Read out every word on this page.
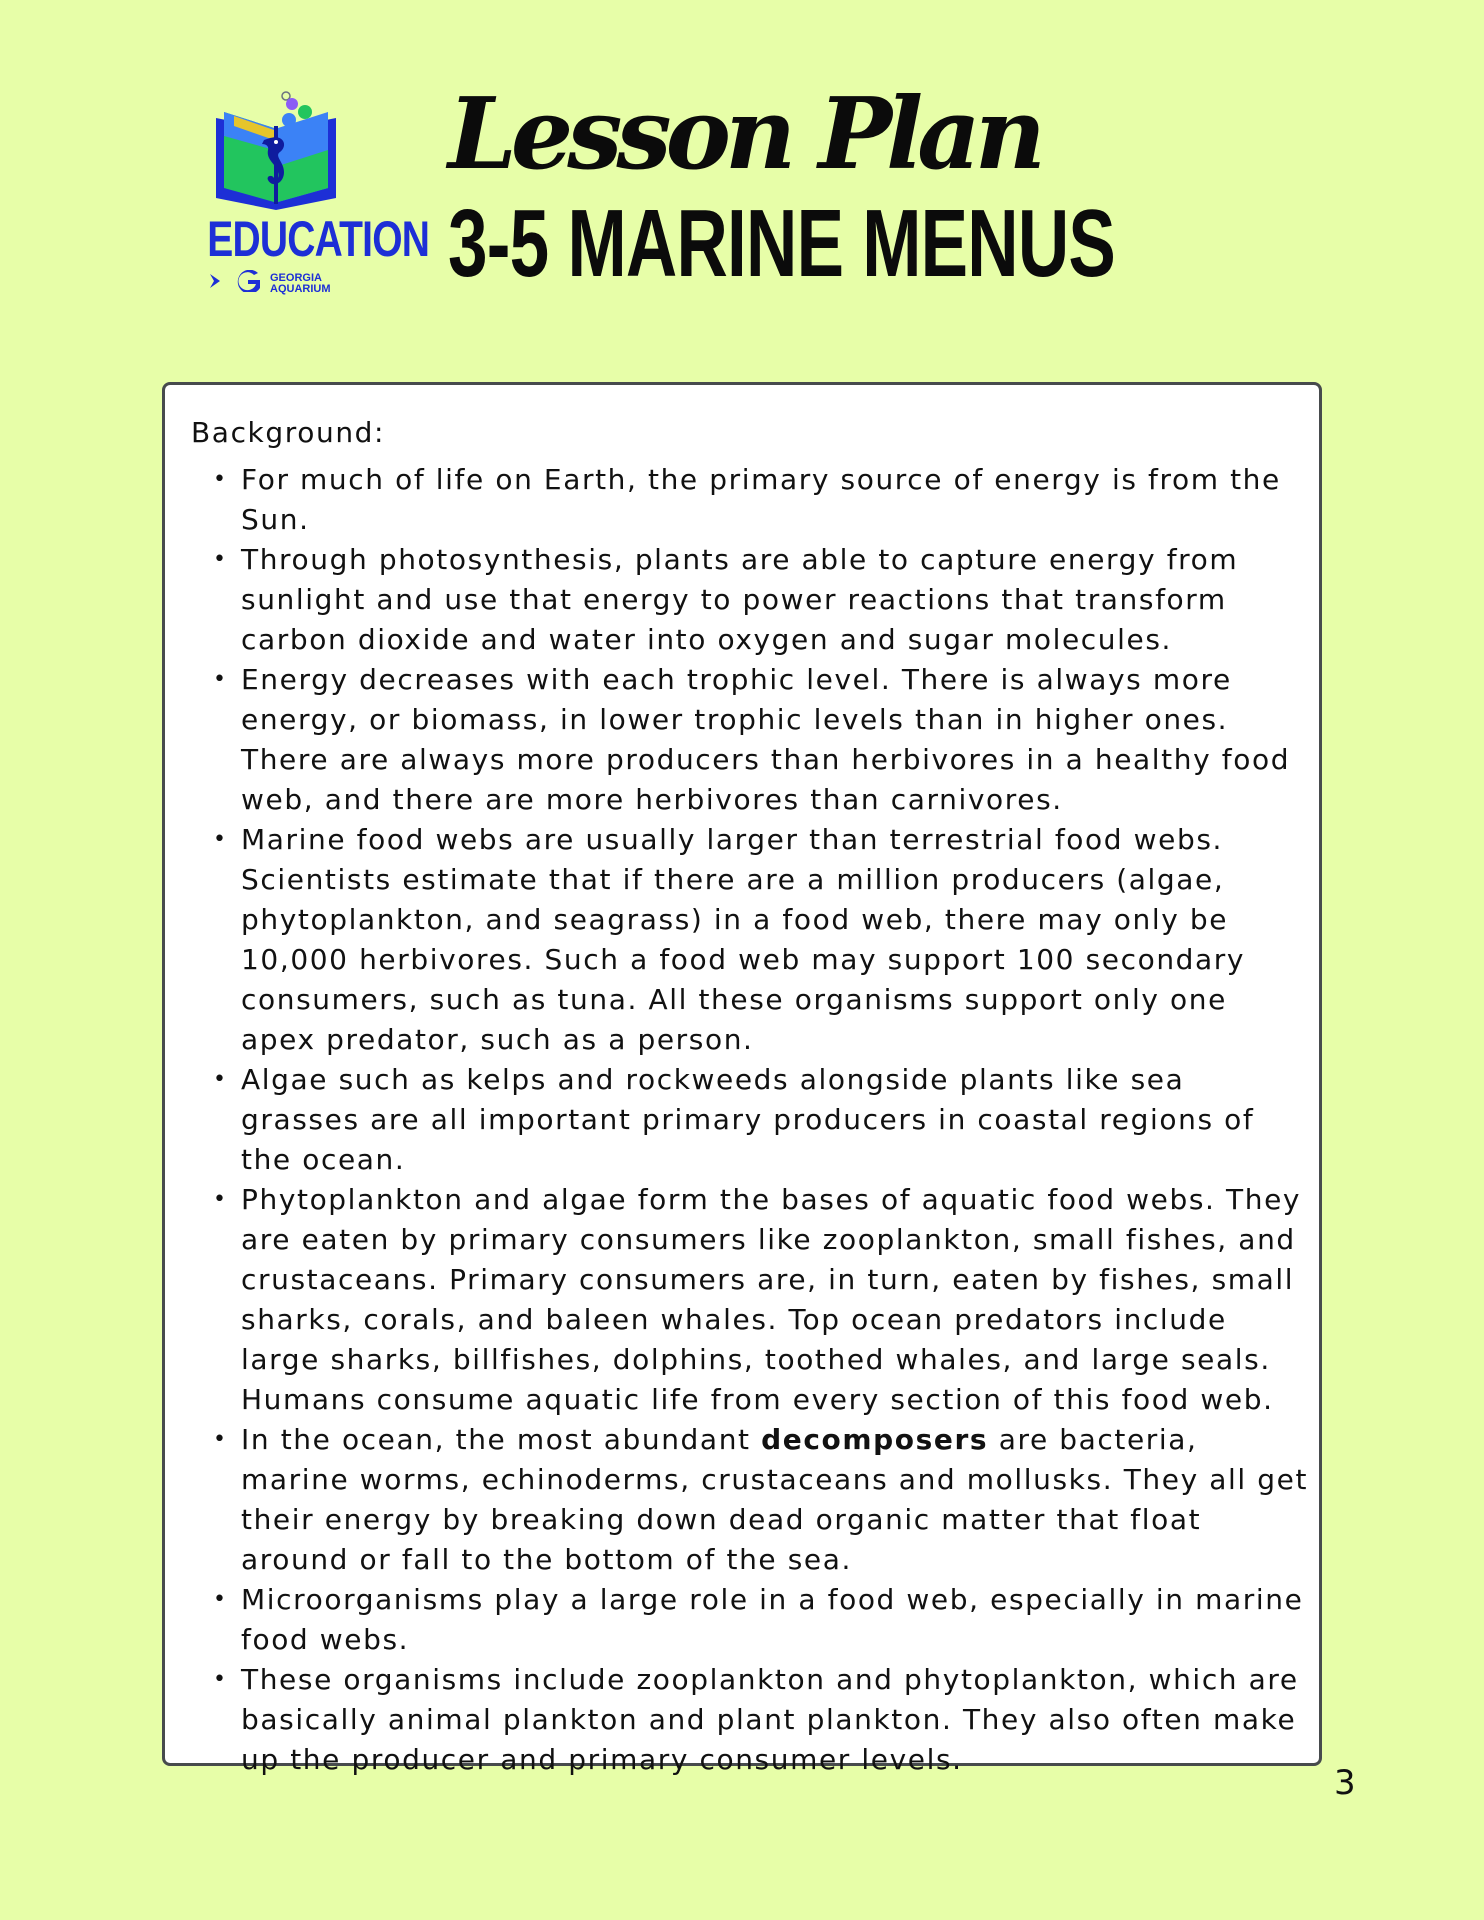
EDUCATION
GEORGIA
AQUARIUM
Lesson Plan
3-5 MARINE MENUS
Background:
• For much of life on Earth, the primary source of energy is from the Sun.
• Through photosynthesis, plants are able to capture energy from sunlight and use that energy to power reactions that transform carbon dioxide and water into oxygen and sugar molecules.
• Energy decreases with each trophic level. There is always more energy, or biomass, in lower trophic levels than in higher ones. There are always more producers than herbivores in a healthy food web, and there are more herbivores than carnivores.
• Marine food webs are usually larger than terrestrial food webs. Scientists estimate that if there are a million producers (algae, phytoplankton, and seagrass) in a food web, there may only be 10,000 herbivores. Such a food web may support 100 secondary consumers, such as tuna. All these organisms support only one apex predator, such as a person.
• Algae such as kelps and rockweeds alongside plants like sea grasses are all important primary producers in coastal regions of the ocean.
• Phytoplankton and algae form the bases of aquatic food webs. They are eaten by primary consumers like zooplankton, small fishes, and crustaceans. Primary consumers are, in turn, eaten by fishes, small sharks, corals, and baleen whales. Top ocean predators include large sharks, billfishes, dolphins, toothed whales, and large seals. Humans consume aquatic life from every section of this food web.
• In the ocean, the most abundant decomposers are bacteria, marine worms, echinoderms, crustaceans and mollusks. They all get their energy by breaking down dead organic matter that float around or fall to the bottom of the sea.
• Microorganisms play a large role in a food web, especially in marine food webs.
• These organisms include zooplankton and phytoplankton, which are basically animal plankton and plant plankton. They also often make up the producer and primary consumer levels.
3
